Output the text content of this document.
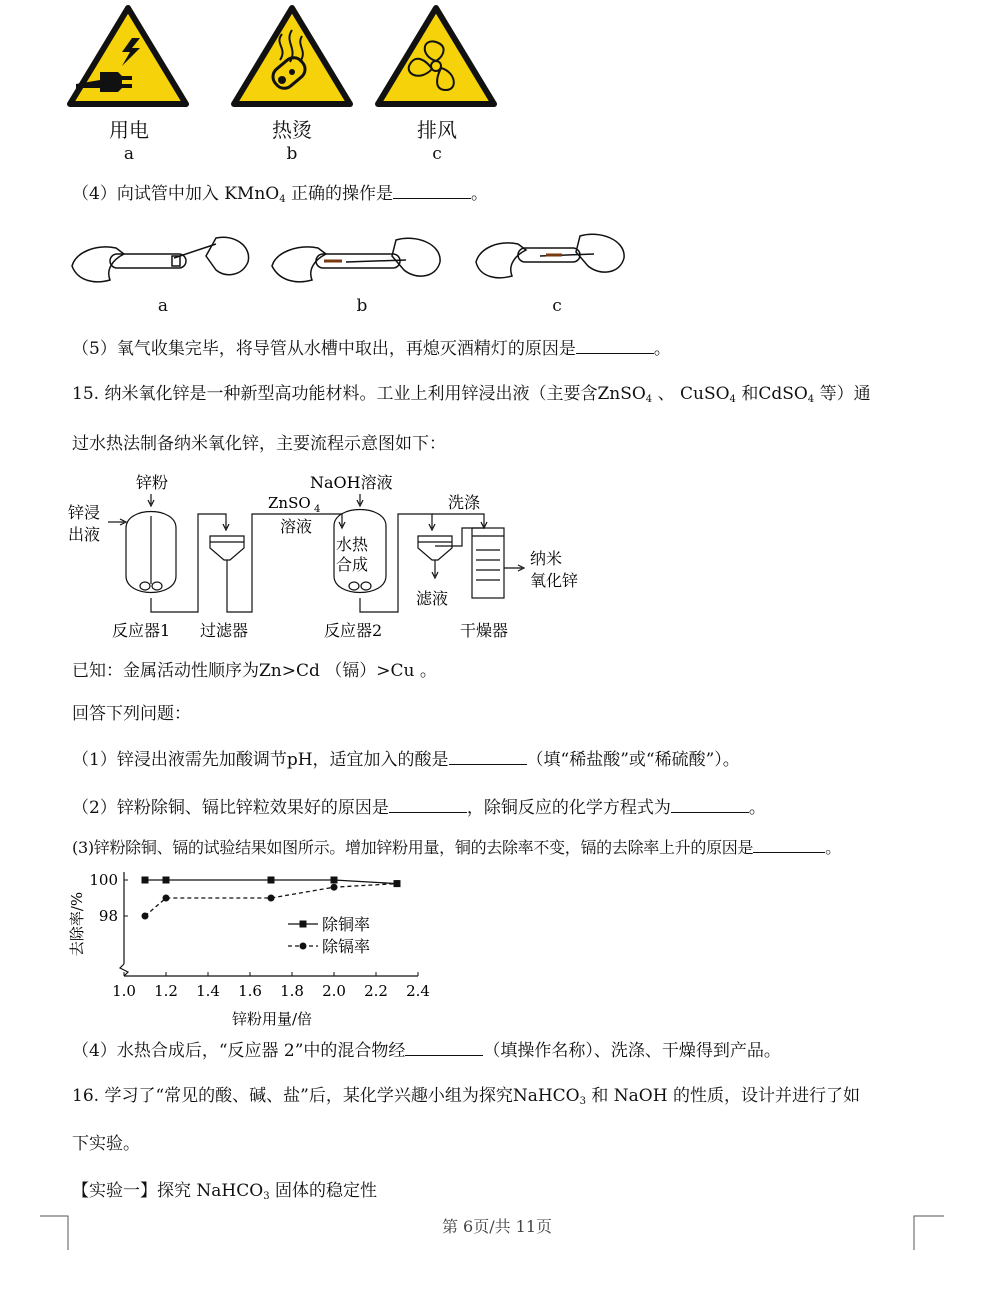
用电	热烫	排风
a	b	c
（4）向试管中加入 KMnO$_4$ 正确的操作是	。
a	b	c
（5）氧气收集完毕，将导管从水槽中取出，再熄灭酒精灯的原因是	。
15. 纳米氧化锌是一种新型高功能材料。工业上利用锌浸出液（主要含ZnSO$_4$ 、 CuSO$_4$ 和CdSO$_4$ 等）通
过水热法制备纳米氧化锌，主要流程示意图如下：
锌粉
锌浸
出液
NaOH溶液
洗涤
ZnSO 4
溶液
水热
合成
滤液
纳米
氧化锌
反应器1 过滤器	反应器2	干燥器
已知：金属活动性顺序为Zn>Cd （镉）>Cu 。
回答下列问题：
（1）锌浸出液需先加酸调节pH，适宜加入的酸是	（填“稀盐酸”或“稀硫酸”）。
（2）锌粉除铜、镉比锌粒效果好的原因是	，除铜反应的化学方程式为	。
(3)锌粉除铜、镉的试验结果如图所示。增加锌粉用量，铜的去除率不变，镉的去除率上升的原因是	。
1.0 1.2 1.4 1.6 1.8 2.0 2.2 2.4
100
98	除铜率
除镉率
去除率/%
锌粉用量/倍
（4）水热合成后，“反应器 2”中的混合物经	（填操作名称）、洗涤、干燥得到产品。
16. 学习了“常见的酸、碱、盐”后，某化学兴趣小组为探究NaHCO$_3$ 和 NaOH 的性质，设计并进行了如
下实验。
【实验一】探究 NaHCO$_3$ 固体的稳定性
第 6页/共 11页
